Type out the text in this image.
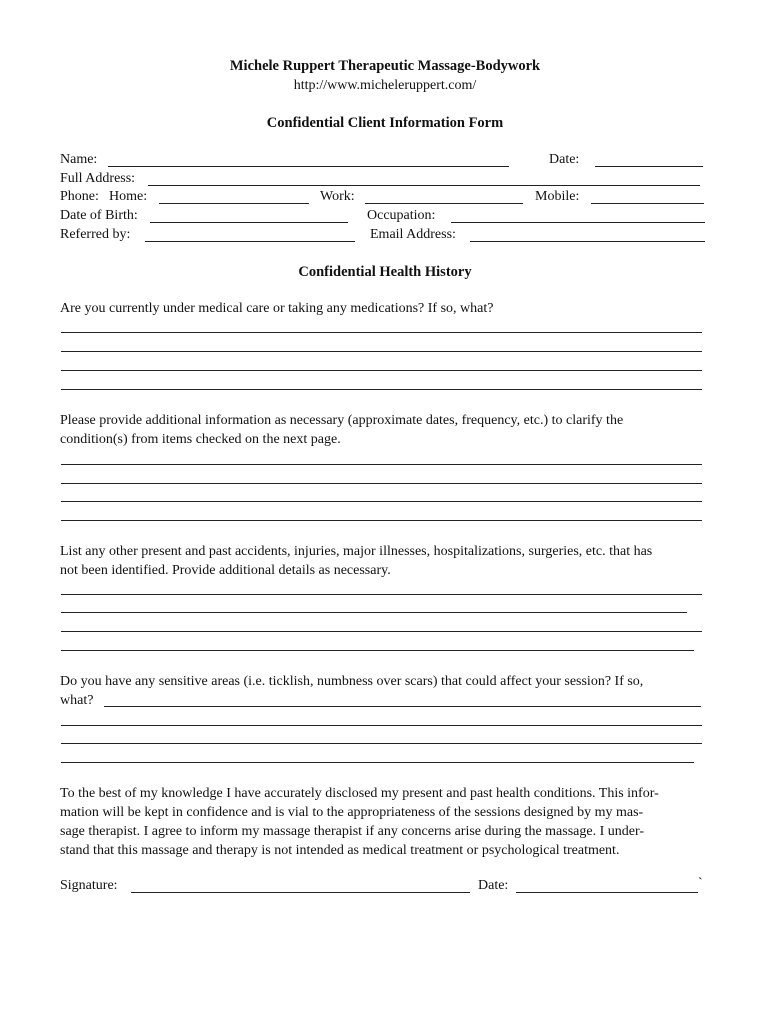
Michele Ruppert Therapeutic Massage-Bodywork
http://www.micheleruppert.com/
Confidential Client Information Form
Name:	Date:
Full Address:
Phone: Home:	Work:	Mobile:
Date of Birth:	Occupation:
Referred by:	Email Address:
Confidential Health History
Are you currently under medical care or taking any medications? If so, what?
Please provide additional information as necessary (approximate dates, frequency, etc.) to clarify the
condition(s) from items checked on the next page.
List any other present and past accidents, injuries, major illnesses, hospitalizations, surgeries, etc. that has
not been identified. Provide additional details as necessary.
Do you have any sensitive areas (i.e. ticklish, numbness over scars) that could affect your session? If so,
what?
To the best of my knowledge I have accurately disclosed my present and past health conditions. This infor-
mation will be kept in confidence and is vial to the appropriateness of the sessions designed by my mas-
sage therapist. I agree to inform my massage therapist if any concerns arise during the massage. I under-
stand that this massage and therapy is not intended as medical treatment or psychological treatment.
Signature:	Date:	`
